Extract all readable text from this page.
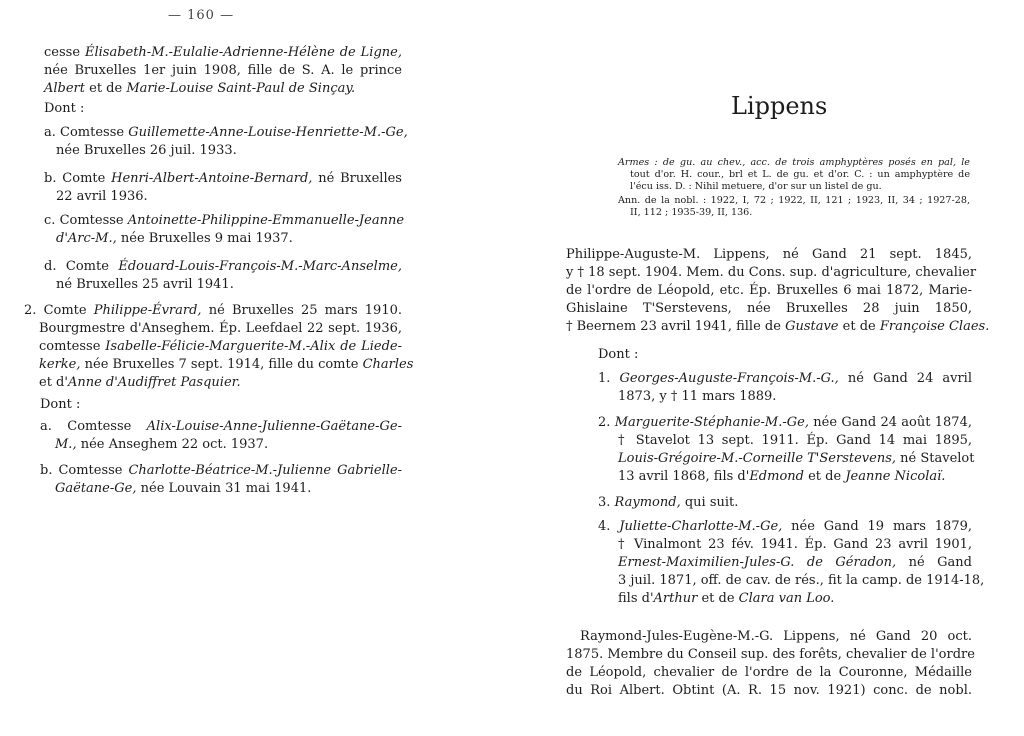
— 160 —
cesse Élisabeth-M.-Eulalie-Adrienne-Hélène de Ligne,
née Bruxelles 1er juin 1908, fille de S. A. le prince
Albert et de Marie-Louise Saint-Paul de Sinçay.
Dont :
a. Comtesse Guillemette-Anne-Louise-Henriette-M.-Ge,
née Bruxelles 26 juil. 1933.
b. Comte Henri-Albert-Antoine-Bernard, né Bruxelles
22 avril 1936.
c. Comtesse Antoinette-Philippine-Emmanuelle-Jeanne
d'Arc-M., née Bruxelles 9 mai 1937.
d. Comte Édouard-Louis-François-M.-Marc-Anselme,
né Bruxelles 25 avril 1941.
2. Comte Philippe-Évrard, né Bruxelles 25 mars 1910.
Bourgmestre d'Anseghem. Ép. Leefdael 22 sept. 1936,
comtesse Isabelle-Félicie-Marguerite-M.-Alix de Liede-
kerke, née Bruxelles 7 sept. 1914, fille du comte Charles
et d'Anne d'Audiffret Pasquier.
Dont :
a. Comtesse Alix-Louise-Anne-Julienne-Gaëtane-Ge-
M., née Anseghem 22 oct. 1937.
b. Comtesse Charlotte-Béatrice-M.-Julienne Gabrielle-
Gaëtane-Ge, née Louvain 31 mai 1941.
Lippens
Armes : de gu. au chev., acc. de trois amphyptères posés en pal, le
tout d'or. H. cour., brl et L. de gu. et d'or. C. : un amphyptère de
l'écu iss. D. : Nihil metuere, d'or sur un listel de gu.
Ann. de la nobl. : 1922, I, 72 ; 1922, II, 121 ; 1923, II, 34 ; 1927-28,
II, 112 ; 1935-39, II, 136.
Philippe-Auguste-M. Lippens, né Gand 21 sept. 1845,
y † 18 sept. 1904. Mem. du Cons. sup. d'agriculture, chevalier
de l'ordre de Léopold, etc. Ép. Bruxelles 6 mai 1872, Marie-
Ghislaine T'Serstevens, née Bruxelles 28 juin 1850,
† Beernem 23 avril 1941, fille de Gustave et de Françoise Claes.
Dont :
1. Georges-Auguste-François-M.-G., né Gand 24 avril
1873, y † 11 mars 1889.
2. Marguerite-Stéphanie-M.-Ge, née Gand 24 août 1874,
† Stavelot 13 sept. 1911. Ép. Gand 14 mai 1895,
Louis-Grégoire-M.-Corneille T'Serstevens, né Stavelot
13 avril 1868, fils d'Edmond et de Jeanne Nicolaï.
3. Raymond, qui suit.
4. Juliette-Charlotte-M.-Ge, née Gand 19 mars 1879,
† Vinalmont 23 fév. 1941. Ép. Gand 23 avril 1901,
Ernest-Maximilien-Jules-G. de Géradon, né Gand
3 juil. 1871, off. de cav. de rés., fit la camp. de 1914-18,
fils d'Arthur et de Clara van Loo.
Raymond-Jules-Eugène-M.-G. Lippens, né Gand 20 oct.
1875. Membre du Conseil sup. des forêts, chevalier de l'ordre
de Léopold, chevalier de l'ordre de la Couronne, Médaille
du Roi Albert. Obtint (A. R. 15 nov. 1921) conc. de nobl.
